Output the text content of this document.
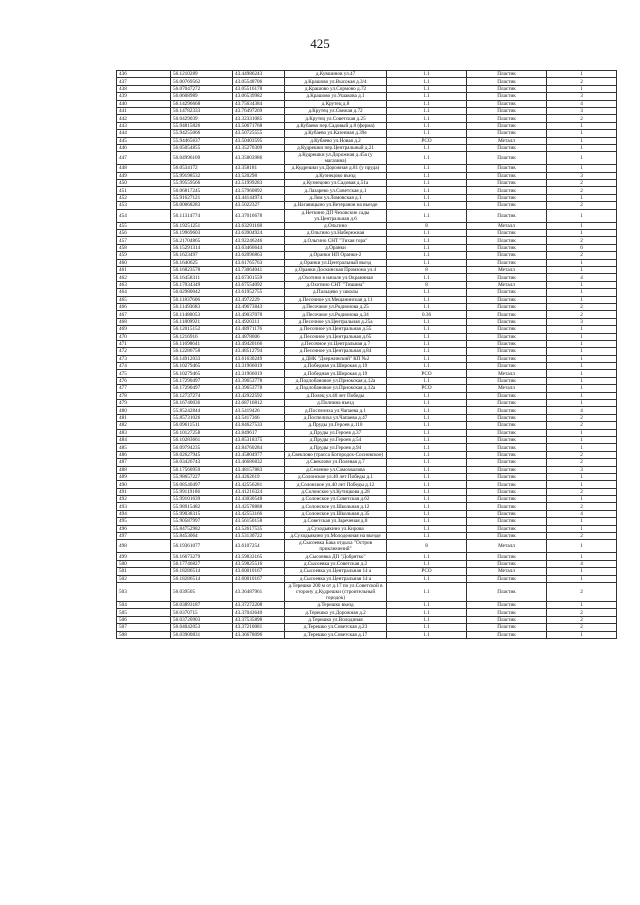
425
436	56.1210289	43.44986243	д.Кувшинов ул.47	1.1	Пластик	1
437	56.00769562	43.05548706	д.Крашово ул.Высокая д.3/4	1.1	Пластик	2
438	56.07047272	43.05516178	д.Крашово ул.Сормово д.72	1.1	Пластик	1
439	56.0608989	43.06539982	д.Крашово ул.Ушакова д.1	1.1	Пластик	3
440	56.14296668	43.75634384	д.Крутец д.8	1.1	Пластик	4
441	56.14782333	43.76497269	д.Крутец ул.Свежая д.72	1.1	Пластик	3
442	56.0429039	43.32331085	д.Крутец ул.Советская д.25	1.1	Пластик	2
443	55.94815826	43.50671768	д.Кубаево пер.Садовый д.8 (ферма)	1.1	Пластик	1
444	55.94255066	43.50725555	д.Кубаево ул.Казенная д.39е	1.1	Пластик	1
445	55.94465637	43.50403595	д.Кубаево ул.Новая д.2	РСО	Металл	1
446	56.05054855	43.35270309	д.Кудрешки пер.Центральный д.21	1.1	Пластик	1
447	56.04996109	43.35803986	д.Кудрешки ул.Дорожная д.45а (у магазина)	1.1	Пластик	1
448	56.0534172	43.358181	д.Кудрешки ул.Дорожная д.81 (у пруда)	1.1	Пластик	1
449	55.99198532	43.520298	д.Кузнецово въезд	1.1	Пластик	3
450	55.99559566	43.51999283	д.Кузнецово ул.Садовая д.51а	1.1	Пластик	2
451	56.06817245	43.57960892	д.Лазарево ул.Советская д.1	1.1	Пластик	2
452	55.91627121	43.44144974	д.Лом ул.Ломовская д.1	1.1	Пластик	1
453	56.00068283	43.5022327	д.Нагавицыно ул.Ветеранов на въезде	1.1	Пластик	2
454	56.11314774	43.37016678	д.Неткино ДП Чеховские сады ул.Центральная д.6	1.1	Пластик	1
455	56.19251251	43.63291168	д.Ольгино	8	Металл	1
456	56.19969603	43.63904924	д.Ольгино ул.Набережная	1.1	Пластик	1
457	56.21704865	43.92246246	д.Ольгино СНТ "Тихая гора"	1.1	Пластик	2
458	56.15291314	43.63466644	д.Оранки	1.1	Пластик	6
459	56.1623497	43.62096863	д.Оранки НП Оранки-2	1.1	Пластик	2
460	56.1640625	43.61765763	д.Оранки ул.Центральный въезд	1.1	Пластик	1
461	56.16823578	43.73064041	д.Оранки Доскинская Промзона ул.4	8	Металл	1
462	56.16458311	43.67301559	д.Охотино в начале ул.Окраинная	1.1	Пластик	4
463	56.17034349	43.67554092	д.Охотино СНТ "Тишина"	8	Металл	1
464	56.02980042	43.61952755	д.Пальцево у школы	1.1	Пластик	1
465	56.11837606	43.4972229	д.Песочное ул.Мещанинская д.11	1.1	Пластик	1
466	56.11493683	43.49673843	д.Песочное ул.Родионова д.25	1.1	Пластик	2
467	56.11480053	43.49037078	д.Песочное ул.Родионова д.34	0.36	Пластик	2
468	56.11809921	43.4920311	д.Песочное ул.Центральная д.25а	1.1	Пластик	3
469	56.12015152	43.48971176	д.Песочное ул.Центральная д.55	1.1	Пластик	1
470	56.1216916	43.4878006	д.Песочное ул.Центральная д.65	1.1	Пластик	1
471	56.11698641	43.49420166	д.Песочное ул.Центральная д.7	1.1	Пластик	1
472	56.12286758	43.48512794	д.Песочное ул.Центральная д.84	1.1	Пластик	1
473	56.14912033	43.61630249	д.ДНК "Дзержинский" КП №2	1.1	Пластик	1
474	56.10279465	43.31966019	д.Победная ул.Широкая д.19	1.1	Пластик	1
475	56.10279465	43.31966019	д.Победная ул.Широкая д.19	РСО	Металл	1
476	56.17290497	43.39653778	д.Подлобановое ул.Приокская д.12а	1.1	Пластик	1
477	56.17290497	43.39653778	д.Подлобановое ул.Приокская д.12а	РСО	Металл	1
478	56.12737274	43.42922592	д.Полец ул.40 лет Победы	1.1	Пластик	1
479	56.16740036	43.68716812	д.Полнина въезд	1.1	Пластик	1
480	55.85242844	43.5419426	д.Поспелиха ул.Чапаева д.1	1.1	Пластик	4
481	55.85731026	43.5417366	д.Поспелиха ул.Чапаева д.47	1.1	Пластик	2
482	56.09611511	43.84627533	д.Пруды ул.Героев д.110	1.1	Пластик	2
483	56.10127258	43.849617	д.Пруды ул.Героев д.37	1.1	Пластик	1
484	56.10283661	43.85318375	д.Пруды ул.Героев д.54	1.1	Пластик	1
485	56.09794235	43.84760284	д.Пруды ул.Героев д.94	1.1	Пластик	1
486	56.02627945	43.45804977	д.Свеклово (трасса Богородск-Сосновское)	1.1	Пластик	2
487	56.03426743	43.46686832	д.Свеклово ул.Полевая д.7	1.1	Пластик	2
488	56.17560959	43.48157883	д.Селение ул.Самохвалова	1.1	Пластик	3
489	55.98657227	43.4262619	д.Солонское ул.40 лет Победы д.1	1.1	Пластик	1
490	56.08540497	43.42556281	д.Солонское ул.40 лет Победы д.12	1.1	Пластик	1
491	55.99119186	43.41216324	д.Солонское ул.Кутицкова д.28	1.1	Пластик	2
492	55.99101639	43.43030548	д.Солонское ул.Советская д.62	1.1	Пластик	1
493	55.98915482	43.42578888	д.Солонское ул.Школьная д.12	1.1	Пластик	2
494	55.99038315	43.42553166	д.Солонское ул.Школьная д.35	1.1	Пластик	4
495	55.90587997	43.56150158	д.Советская ул.Зареченая д.8	1.1	Пластик	1
496	55.84752982	43.52617535	д.Суходьякино ул.Кирова	1.1	Пластик	1
497	55.8453064	43.53130722	д.Суходьякино ул.Молодежная на въезде	1.1	Пластик	2
498	56.19361077	43.6107254	д.Сысоевка Бака отдыха "Остров приключений"	8	Металл	1
499	56.16673279	43.59833165	д.Сысоевка ДП "Добрятко"	1.1	Пластик	1
500	56.17746827	43.59825516	д.Сысоевка ул.Советская д.2	1.1	Пластик	4
501	56.18286514	43.60010167	д.Сысоевка ул.Центральная 14 а	РСО	Металл	1
502	56.18286514	43.60010167	д.Сысоевка ул.Центральная 14 а	1.1	Пластик	1
503	56.039505	43.36487961	д.Терешко 200 м от д.17 по ул.Советской в сторону д.Кудрешки (строительный городок)	1.1	Пластик	2
504	56.03893187	43.37272208	д.Терешко въезд	1.1	Пластик	1
505	56.0370715	43.37043640	д.Терешко ул.Дорожная д.2	1.1	Пластик	2
506	56.03720903	43.37535898	д.Терешко ул.Володиная	1.1	Пластик	2
507	56.04042053	43.37210081	д.Терешко ул.Советская д.23	1.1	Пластик	2
508	56.03900831	43.36678096	д.Терешко ул.Советская д.17	1.1	Пластик	1
